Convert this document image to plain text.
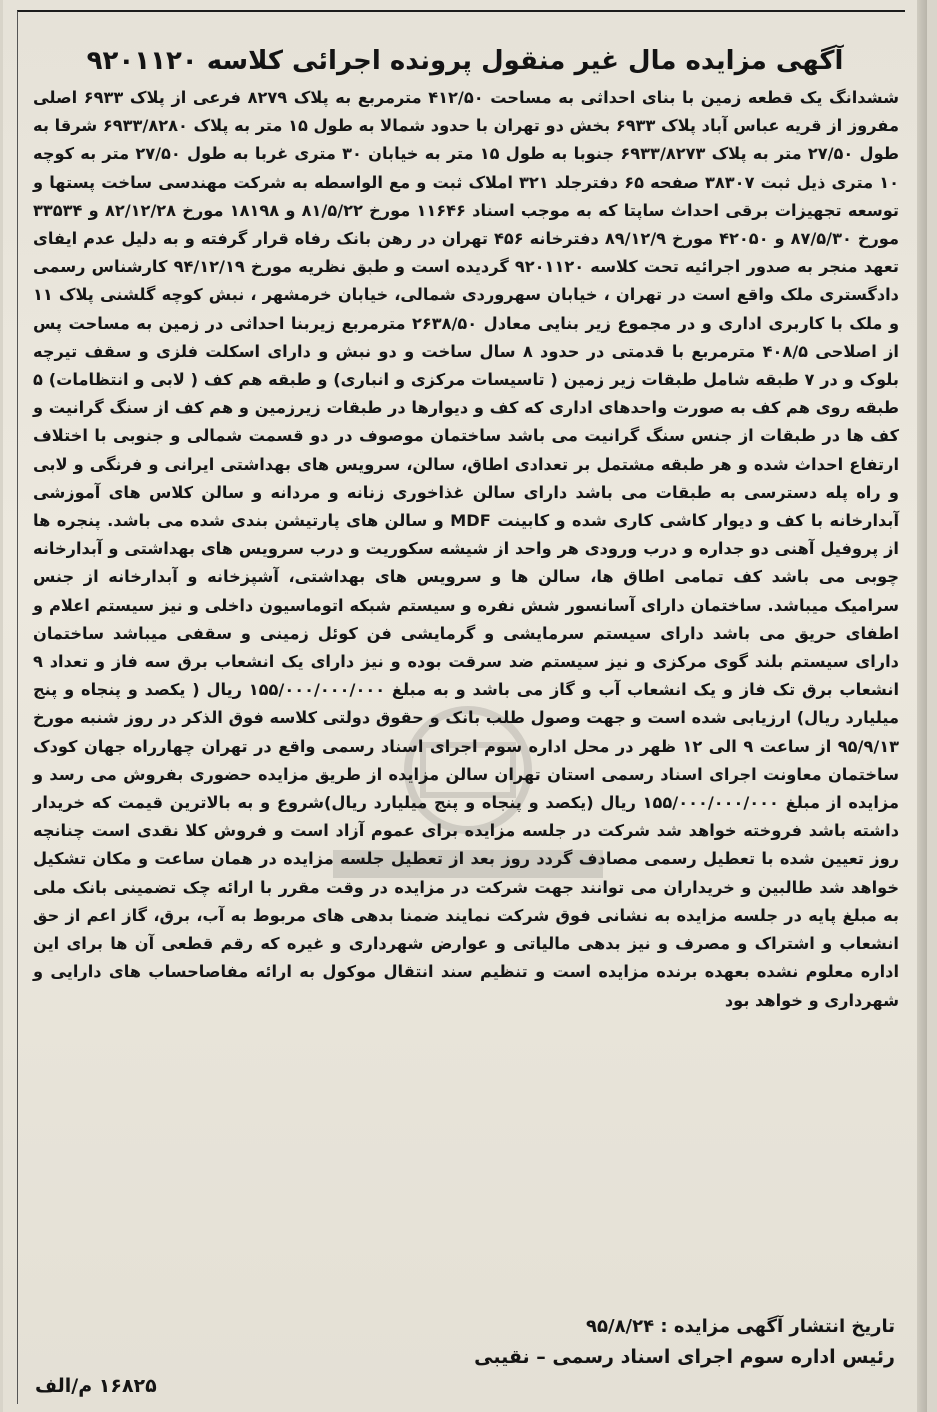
آگهی مزایده مال غیر منقول پرونده اجرائی کلاسه ۹۲۰۱۱۲۰

ششدانگ یک قطعه زمین با بنای احداثی به مساحت ۴۱۲/۵۰ مترمربع به پلاک ۸۲۷۹ فرعی از پلاک ۶۹۳۳ اصلی مفروز از قریه عباس آباد پلاک ۶۹۳۳ بخش دو تهران با حدود شمالا به طول ۱۵ متر به پلاک ۶۹۳۳/۸۲۸۰ شرقا به طول ۲۷/۵۰ متر به پلاک ۶۹۳۳/۸۲۷۳ جنوبا به طول ۱۵ متر به خیابان ۳۰ متری غربا به طول ۲۷/۵۰ متر به کوچه ۱۰ متری ذیل ثبت ۳۸۳۰۷ صفحه ۶۵ دفترجلد ۳۲۱ املاک ثبت و مع الواسطه به شرکت مهندسی ساخت پستها و توسعه تجهیزات برقی احداث ساپتا که به موجب اسناد ۱۱۶۴۶ مورخ ۸۱/۵/۲۲ و ۱۸۱۹۸ مورخ ۸۲/۱۲/۲۸ و ۳۳۵۳۴ مورخ ۸۷/۵/۳۰ و ۴۲۰۵۰ مورخ ۸۹/۱۲/۹ دفترخانه ۴۵۶ تهران در رهن بانک رفاه قرار گرفته و به دلیل عدم ایفای تعهد منجر به صدور اجرائیه تحت کلاسه ۹۲۰۱۱۲۰ گردیده است و طبق نظریه مورخ ۹۴/۱۲/۱۹ کارشناس رسمی دادگستری ملک واقع است در تهران ، خیابان سهروردی شمالی، خیابان خرمشهر ، نبش کوچه گلشنی پلاک ۱۱ و ملک با کاربری اداری و در مجموع زیر بنایی معادل ۲۶۳۸/۵۰ مترمربع زیربنا احداثی در زمین به مساحت پس از اصلاحی ۴۰۸/۵ مترمربع با قدمتی در حدود ۸ سال ساخت و دو نبش و دارای اسکلت فلزی و سقف تیرچه بلوک و در ۷ طبقه شامل طبقات زیر زمین ( تاسیسات مرکزی و انباری) و طبقه هم کف ( لابی و انتظامات) ۵ طبقه روی هم کف به صورت واحدهای اداری که کف و دیوارها در طبقات زیرزمین و هم کف از سنگ گرانیت و کف ها در طبقات از جنس سنگ گرانیت می باشد ساختمان موصوف در دو قسمت شمالی و جنوبی با اختلاف ارتفاع احداث شده و هر طبقه مشتمل بر تعدادی اطاق، سالن، سرویس های بهداشتی ایرانی و فرنگی و لابی و راه پله دسترسی به طبقات می باشد دارای سالن غذاخوری زنانه و مردانه و سالن کلاس های آموزشی آبدارخانه با کف و دیوار کاشی کاری شده و کابینت MDF و سالن های پارتیشن بندی شده می باشد. پنجره ها از پروفیل آهنی دو جداره و درب ورودی هر واحد از شیشه سکوریت و درب سرویس های بهداشتی و آبدارخانه چوبی می باشد کف تمامی اطاق ها، سالن ها و سرویس های بهداشتی، آشپزخانه و آبدارخانه از جنس سرامیک میباشد. ساختمان دارای آسانسور شش نفره و سیستم شبکه اتوماسیون داخلی و نیز سیستم اعلام و اطفای حریق می باشد دارای سیستم سرمایشی و گرمایشی فن کوئل زمینی و سقفی میباشد ساختمان دارای سیستم بلند گوی مرکزی و نیز سیستم ضد سرقت بوده و نیز دارای یک انشعاب برق سه فاز و تعداد ۹ انشعاب برق تک فاز و یک انشعاب آب و گاز می باشد و به مبلغ ۱۵۵/۰۰۰/۰۰۰/۰۰۰ ریال ( یکصد و پنجاه و پنج میلیارد ریال) ارزیابی شده است و جهت وصول طلب بانک و حقوق دولتی کلاسه فوق الذکر در روز شنبه مورخ ۹۵/۹/۱۳ از ساعت ۹ الی ۱۲ ظهر در محل اداره سوم اجرای اسناد رسمی واقع در تهران چهارراه جهان کودک ساختمان معاونت اجرای اسناد رسمی استان تهران سالن مزایده از طریق مزایده حضوری بفروش می رسد و مزایده از مبلغ ۱۵۵/۰۰۰/۰۰۰/۰۰۰ ریال (یکصد و پنجاه و پنج میلیارد ریال)شروع و به بالاترین قیمت که خریدار داشته باشد فروخته خواهد شد شرکت در جلسه مزایده برای عموم آزاد است و فروش کلا نقدی است چنانچه روز تعیین شده با تعطیل رسمی مصادف گردد روز بعد از تعطیل جلسه مزایده در همان ساعت و مکان تشکیل خواهد شد طالبین و خریداران می توانند جهت شرکت در مزایده در وقت مقرر با ارائه چک تضمینی بانک ملی به مبلغ پایه در جلسه مزایده به نشانی فوق شرکت نمایند ضمنا بدهی های مربوط به آب، برق، گاز اعم از حق انشعاب و اشتراک و مصرف و نیز بدهی مالیاتی و عوارض شهرداری و غیره که رقم قطعی آن ها برای این اداره معلوم نشده بعهده برنده مزایده است و تنظیم سند انتقال موکول به ارائه مفاصاحساب های دارایی و شهرداری و خواهد بود

تاریخ انتشار آگهی مزایده : ۹۵/۸/۲۴
رئیس اداره سوم اجرای اسناد رسمی – نقیبی
۱۶۸۲۵ م/الف
